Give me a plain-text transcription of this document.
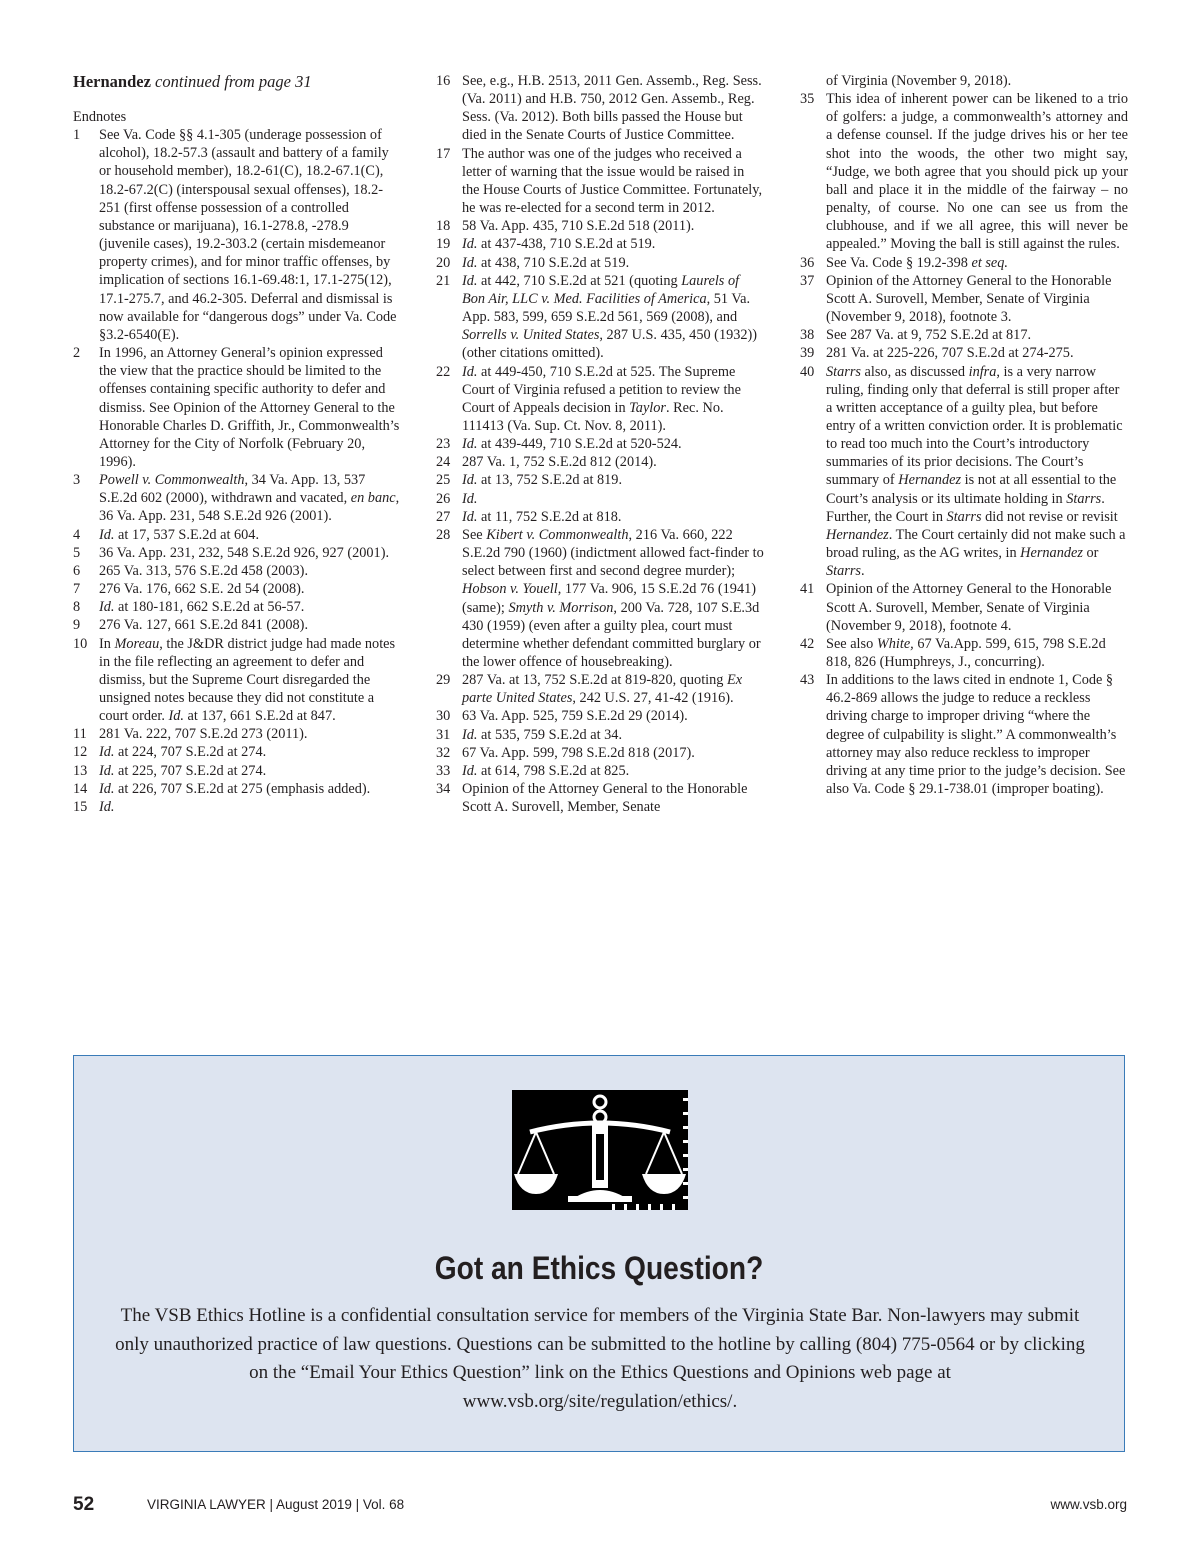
Hernandez continued from page 31

Endnotes

1 See Va. Code §§ 4.1-305 (underage possession of alcohol), 18.2-57.3 (assault and battery of a family or household member), 18.2-61(C), 18.2-67.1(C), 18.2-67.2(C) (interspousal sexual offenses), 18.2-251 (first offense possession of a controlled substance or marijuana), 16.1-278.8, -278.9 (juvenile cases), 19.2-303.2 (certain misdemeanor property crimes), and for minor traffic offenses, by implication of sections 16.1-69.48:1, 17.1-275(12), 17.1-275.7, and 46.2-305. Deferral and dismissal is now available for “dangerous dogs” under Va. Code §3.2-6540(E).
2 In 1996, an Attorney General’s opinion expressed the view that the practice should be limited to the offenses containing specific authority to defer and dismiss. See Opinion of the Attorney General to the Honorable Charles D. Griffith, Jr., Commonwealth’s Attorney for the City of Norfolk (February 20, 1996).
3 Powell v. Commonwealth, 34 Va. App. 13, 537 S.E.2d 602 (2000), withdrawn and vacated, en banc, 36 Va. App. 231, 548 S.E.2d 926 (2001).
4 Id. at 17, 537 S.E.2d at 604.
5 36 Va. App. 231, 232, 548 S.E.2d 926, 927 (2001).
6 265 Va. 313, 576 S.E.2d 458 (2003).
7 276 Va. 176, 662 S.E. 2d 54 (2008).
8 Id. at 180-181, 662 S.E.2d at 56-57.
9 276 Va. 127, 661 S.E.2d 841 (2008).
10 In Moreau, the J&DR district judge had made notes in the file reflecting an agreement to defer and dismiss, but the Supreme Court disregarded the unsigned notes because they did not constitute a court order. Id. at 137, 661 S.E.2d at 847.
11 281 Va. 222, 707 S.E.2d 273 (2011).
12 Id. at 224, 707 S.E.2d at 274.
13 Id. at 225, 707 S.E.2d at 274.
14 Id. at 226, 707 S.E.2d at 275 (emphasis added).
15 Id.
16 See, e.g., H.B. 2513, 2011 Gen. Assemb., Reg. Sess. (Va. 2011) and H.B. 750, 2012 Gen. Assemb., Reg. Sess. (Va. 2012). Both bills passed the House but died in the Senate Courts of Justice Committee.
17 The author was one of the judges who received a letter of warning that the issue would be raised in the House Courts of Justice Committee. Fortunately, he was re-elected for a second term in 2012.
18 58 Va. App. 435, 710 S.E.2d 518 (2011).
19 Id. at 437-438, 710 S.E.2d at 519.
20 Id. at 438, 710 S.E.2d at 519.
21 Id. at 442, 710 S.E.2d at 521 (quoting Laurels of Bon Air, LLC v. Med. Facilities of America, 51 Va. App. 583, 599, 659 S.E.2d 561, 569 (2008), and Sorrells v. United States, 287 U.S. 435, 450 (1932)) (other citations omitted).
22 Id. at 449-450, 710 S.E.2d at 525. The Supreme Court of Virginia refused a petition to review the Court of Appeals decision in Taylor. Rec. No. 111413 (Va. Sup. Ct. Nov. 8, 2011).
23 Id. at 439-449, 710 S.E.2d at 520-524.
24 287 Va. 1, 752 S.E.2d 812 (2014).
25 Id. at 13, 752 S.E.2d at 819.
26 Id.
27 Id. at 11, 752 S.E.2d at 818.
28 See Kibert v. Commonwealth, 216 Va. 660, 222 S.E.2d 790 (1960) (indictment allowed fact-finder to select between first and second degree murder); Hobson v. Youell, 177 Va. 906, 15 S.E.2d 76 (1941) (same); Smyth v. Morrison, 200 Va. 728, 107 S.E.3d 430 (1959) (even after a guilty plea, court must determine whether defendant committed burglary or the lower offence of housebreaking).
29 287 Va. at 13, 752 S.E.2d at 819-820, quoting Ex parte United States, 242 U.S. 27, 41-42 (1916).
30 63 Va. App. 525, 759 S.E.2d 29 (2014).
31 Id. at 535, 759 S.E.2d at 34.
32 67 Va. App. 599, 798 S.E.2d 818 (2017).
33 Id. at 614, 798 S.E.2d at 825.
34 Opinion of the Attorney General to the Honorable Scott A. Surovell, Member, Senate
of Virginia (November 9, 2018).
35 This idea of inherent power can be likened to a trio of golfers: a judge, a commonwealth’s attorney and a defense counsel. If the judge drives his or her tee shot into the woods, the other two might say, “Judge, we both agree that you should pick up your ball and place it in the middle of the fairway – no penalty, of course. No one can see us from the clubhouse, and if we all agree, this will never be appealed.” Moving the ball is still against the rules.
36 See Va. Code § 19.2-398 et seq.
37 Opinion of the Attorney General to the Honorable Scott A. Surovell, Member, Senate of Virginia (November 9, 2018), footnote 3.
38 See 287 Va. at 9, 752 S.E.2d at 817.
39 281 Va. at 225-226, 707 S.E.2d at 274-275.
40 Starrs also, as discussed infra, is a very narrow ruling, finding only that deferral is still proper after a written acceptance of a guilty plea, but before entry of a written conviction order. It is problematic to read too much into the Court’s introductory summaries of its prior decisions. The Court’s summary of Hernandez is not at all essential to the Court’s analysis or its ultimate holding in Starrs. Further, the Court in Starrs did not revise or revisit Hernandez. The Court certainly did not make such a broad ruling, as the AG writes, in Hernandez or Starrs.
41 Opinion of the Attorney General to the Honorable Scott A. Surovell, Member, Senate of Virginia (November 9, 2018), footnote 4.
42 See also White, 67 Va.App. 599, 615, 798 S.E.2d 818, 826 (Humphreys, J., concurring).
43 In additions to the laws cited in endnote 1, Code § 46.2-869 allows the judge to reduce a reckless driving charge to improper driving “where the degree of culpability is slight.” A commonwealth’s attorney may also reduce reckless to improper driving at any time prior to the judge’s decision. See also Va. Code § 29.1-738.01 (improper boating).
Got an Ethics Question?
The VSB Ethics Hotline is a confidential consultation service for members of the Virginia State Bar. Non-lawyers may submit only unauthorized practice of law questions. Questions can be submitted to the hotline by calling (804) 775-0564 or by clicking on the “Email Your Ethics Question” link on the Ethics Questions and Opinions web page at www.vsb.org/site/regulation/ethics/.
52	VIRGINIA LAWYER | August 2019 | Vol. 68	www.vsb.org
